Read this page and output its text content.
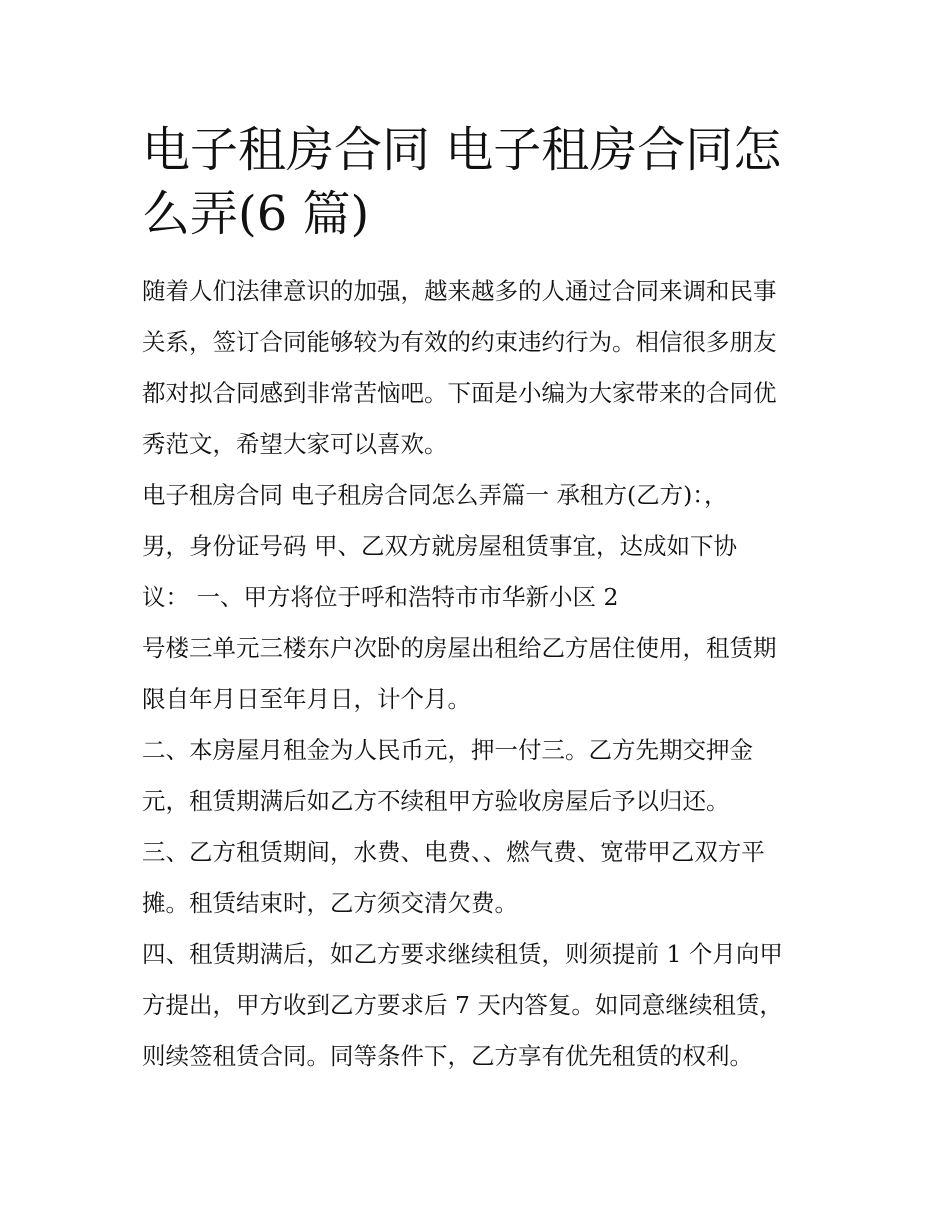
电子租房合同 电子租房合同怎
么弄(6 篇)

随着人们法律意识的加强，越来越多的人通过合同来调和民事
关系，签订合同能够较为有效的约束违约行为。相信很多朋友
都对拟合同感到非常苦恼吧。下面是小编为大家带来的合同优
秀范文，希望大家可以喜欢。

电子租房合同 电子租房合同怎么弄篇一 承租方(乙方)：，
男，身份证号码 甲、乙双方就房屋租赁事宜，达成如下协
议： 一、甲方将位于呼和浩特市市华新小区 2
号楼三单元三楼东户次卧的房屋出租给乙方居住使用，租赁期
限自年月日至年月日，计个月。

二、本房屋月租金为人民币元，押一付三。乙方先期交押金
元，租赁期满后如乙方不续租甲方验收房屋后予以归还。

三、乙方租赁期间，水费、电费、、燃气费、宽带甲乙双方平
摊。租赁结束时，乙方须交清欠费。

四、租赁期满后，如乙方要求继续租赁，则须提前 1 个月向甲
方提出，甲方收到乙方要求后 7 天内答复。如同意继续租赁，
则续签租赁合同。同等条件下，乙方享有优先租赁的权利。
